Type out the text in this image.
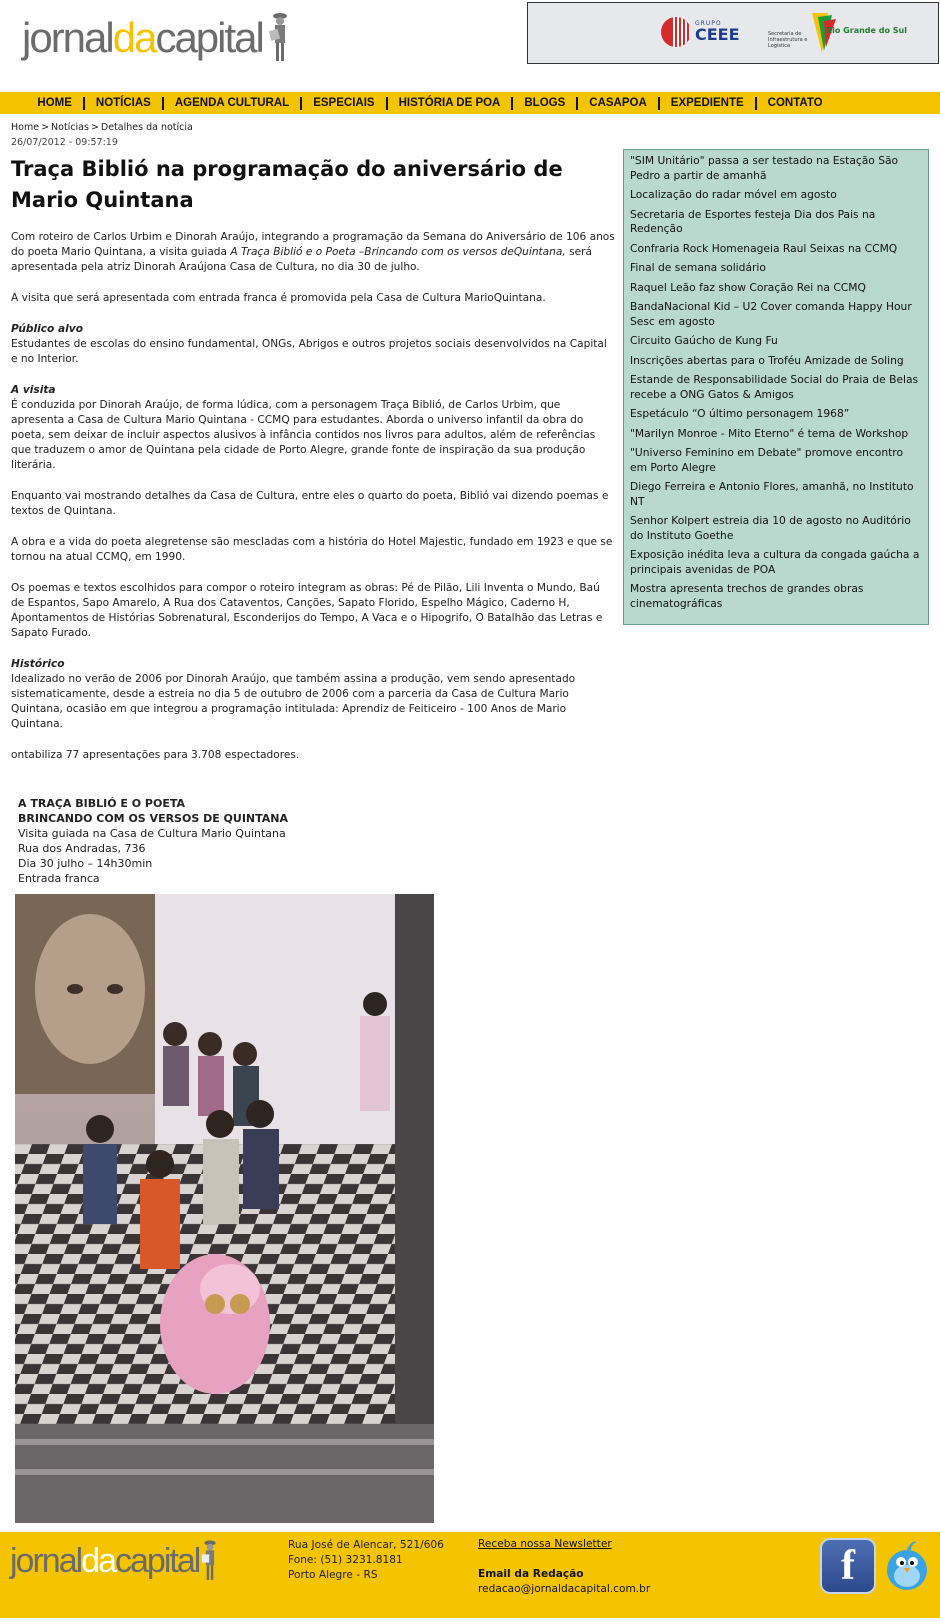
jornaldacapital	GRUPO
CEEE	Secretaria de Infraestrutura e Logística
Rio Grande do Sul
HOME	NOTÍCIAS	AGENDA CULTURAL	ESPECIAIS	HISTÓRIA DE POA	BLOGS	CASAPOA	EXPEDIENTE	CONTATO
Home > Notícias > Detalhes da notícia
26/07/2012 - 09:57:19
Traça Biblió na programação do aniversário de Mario Quintana

Com roteiro de Carlos Urbim e Dinorah Araújo, integrando a programação da Semana do Aniversário de 106 anos do poeta Mario Quintana, a visita guiada A Traça Biblió e o Poeta –Brincando com os versos deQuintana, será apresentada pela atriz Dinorah Araújona Casa de Cultura, no dia 30 de julho.

A visita que será apresentada com entrada franca é promovida pela Casa de Cultura MarioQuintana.

Público alvo
Estudantes de escolas do ensino fundamental, ONGs, Abrigos e outros projetos sociais desenvolvidos na Capital e no Interior.

A visita
É conduzida por Dinorah Araújo, de forma lúdica, com a personagem Traça Biblió, de Carlos Urbim, que apresenta a Casa de Cultura Mario Quintana - CCMQ para estudantes. Aborda o universo infantil da obra do poeta, sem deixar de incluir aspectos alusivos à infância contidos nos livros para adultos, além de referências que traduzem o amor de Quintana pela cidade de Porto Alegre, grande fonte de inspiração da sua produção literária.

Enquanto vai mostrando detalhes da Casa de Cultura, entre eles o quarto do poeta, Biblió vai dizendo poemas e textos de Quintana.

A obra e a vida do poeta alegretense são mescladas com a história do Hotel Majestic, fundado em 1923 e que se tornou na atual CCMQ, em 1990.

Os poemas e textos escolhidos para compor o roteiro integram as obras: Pé de Pilão, Lili Inventa o Mundo, Baú de Espantos, Sapo Amarelo, A Rua dos Cataventos, Canções, Sapato Florido, Espelho Mágico, Caderno H, Apontamentos de Histórias Sobrenatural, Esconderijos do Tempo, A Vaca e o Hipogrifo, O Batalhão das Letras e Sapato Furado.

Histórico
Idealizado no verão de 2006 por Dinorah Araújo, que também assina a produção, vem sendo apresentado sistematicamente, desde a estreia no dia 5 de outubro de 2006 com a parceria da Casa de Cultura Mario Quintana, ocasião em que integrou a programação intitulada: Aprendiz de Feiticeiro - 100 Anos de Mario Quintana.

ontabiliza 77 apresentações para 3.708 espectadores.

A TRAÇA BIBLIÓ E O POETA
BRINCANDO COM OS VERSOS DE QUINTANA
Visita guiada na Casa de Cultura Mario Quintana
Rua dos Andradas, 736
Dia 30 julho – 14h30min
Entrada franca
"SIM Unitário" passa a ser testado na Estação São Pedro a partir de amanhã
Localização do radar móvel em agosto
Secretaria de Esportes festeja Dia dos Pais na Redenção
Confraria Rock Homenageia Raul Seixas na CCMQ
Final de semana solidário
Raquel Leão faz show Coração Rei na CCMQ
BandaNacional Kid – U2 Cover comanda Happy Hour Sesc em agosto
Circuito Gaúcho de Kung Fu
Inscrições abertas para o Troféu Amizade de Soling
Estande de Responsabilidade Social do Praia de Belas recebe a ONG Gatos & Amigos
Espetáculo “O último personagem 1968”
"Marilyn Monroe - Mito Eterno" é tema de Workshop
"Universo Feminino em Debate" promove encontro em Porto Alegre
Diego Ferreira e Antonio Flores, amanhã, no Instituto NT
Senhor Kolpert estreia dia 10 de agosto no Auditório do Instituto Goethe
Exposição inédita leva a cultura da congada gaúcha a principais avenidas de POA
Mostra apresenta trechos de grandes obras cinematográficas
jornaldacapital	Rua José de Alencar, 521/606
Fone: (51) 3231.8181
Porto Alegre - RS
Receba nossa Newsletter
Email da Redação
redacao@jornaldacapital.com.br	f
